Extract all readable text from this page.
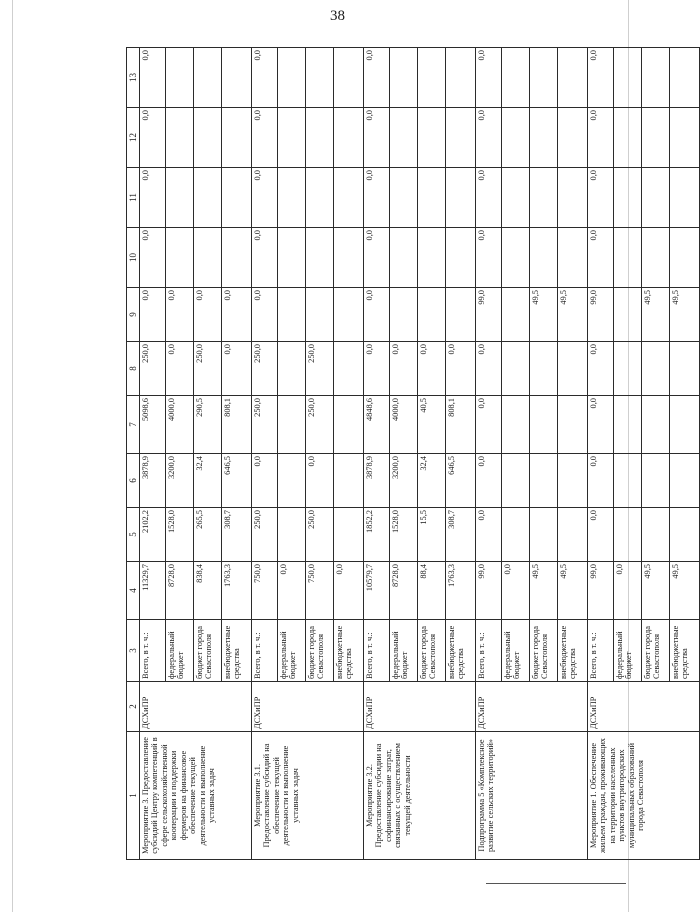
38
1	2	3	4	5	6	7	8	9	10	11	12	13
Мероприятие 3. Предоставление субсидий Центру компетенций в сфере сельскохозяйственной кооперации и поддержки фермеров на финансовое обеспечение текущей деятельности и выполнение уставных задач	ДСХиПР	Всего, в т. ч.:	11329,7	2102,2	3878,9	5098,6	250,0	0,0	0,0	0,0	0,0	0,0
		федеральный бюджет	8728,0	1528,0	3200,0	4000,0	0,0	0,0				
		бюджет города Севастополя	838,4	265,5	32,4	290,5	250,0	0,0				
		внебюджетные средства	1763,3	308,7	646,5	808,1	0,0	0,0				
Мероприятие 3.1. Предоставление субсидий на обеспечение текущей деятельности и выполнение уставных задач	ДСХиПР	Всего, в т. ч.:	750,0	250,0	0,0	250,0	250,0	0,0	0,0	0,0	0,0	0,0
		федеральный бюджет	0,0									
		бюджет города Севастополя	750,0	250,0	0,0	250,0	250,0					
		внебюджетные средства	0,0									
Мероприятие 3.2. Предоставление субсидии на софинансирование затрат, связанных с осуществлением текущей деятельности	ДСХиПР	Всего, в т. ч.:	10579,7	1852,2	3878,9	4848,6	0,0	0,0	0,0	0,0	0,0	0,0
		федеральный бюджет	8728,0	1528,0	3200,0	4000,0	0,0					
		бюджет города Севастополя	88,4	15,5	32,4	40,5	0,0					
		внебюджетные средства	1763,3	308,7	646,5	808,1	0,0					
Подпрограмма 5 «Комплексное развитие сельских территорий»	ДСХиПР	Всего, в т. ч.:	99,0	0,0	0,0	0,0	0,0	99,0	0,0	0,0	0,0	0,0
		федеральный бюджет	0,0									
		бюджет города Севастополя	49,5					49,5				
		внебюджетные средства	49,5					49,5				
Мероприятие 1. Обеспечение жильем граждан, проживающих на территории населенных пунктов внутригородских муниципальных образований города Севастополя	ДСХиПР	Всего, в т. ч.:	99,0	0,0	0,0	0,0	0,0	99,0	0,0	0,0	0,0	0,0
		федеральный бюджет	0,0									
		бюджет города Севастополя	49,5					49,5				
		внебюджетные средства	49,5					49,5				
